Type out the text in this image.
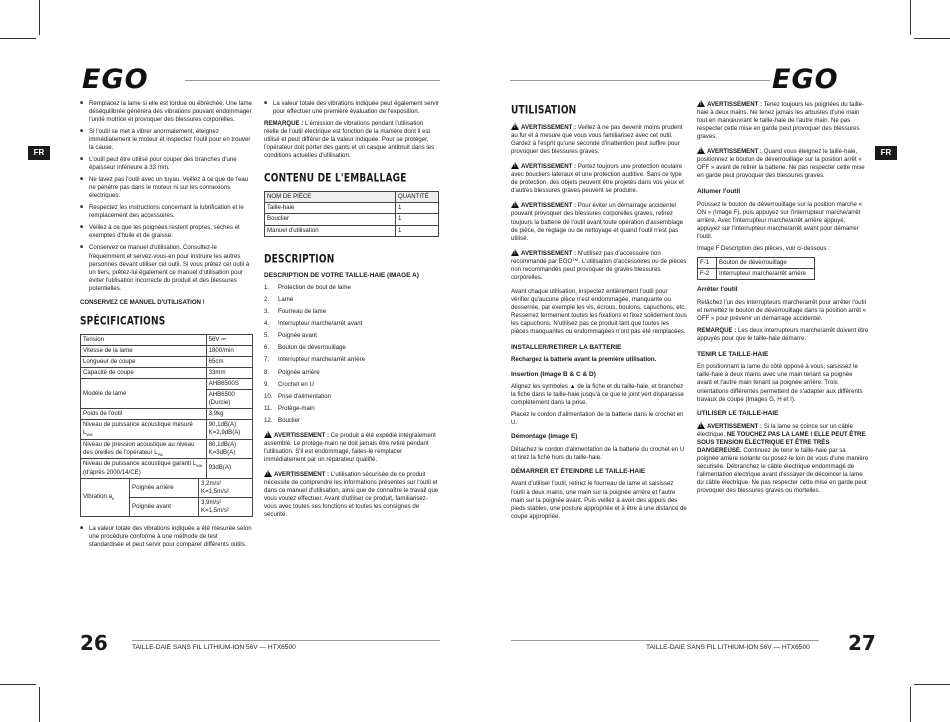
EGO	EGO
FR	FR
■ Remplacez la lame si elle est tordue ou ébréchée. Une lame déséquilibrée génèrera des vibrations pouvant endommager l'unité motrice et provoquer des blessures corporelles.
■ Si l'outil se met à vibrer anormalement, éteignez immédiatement le moteur et inspectez l'outil pour en trouver la cause.
■ L'outil peut être utilisé pour couper des branches d'une épaisseur inférieure à 33 mm.
■ Ne lavez pas l'outil avec un tuyau. Veillez à ce que de l'eau ne pénètre pas dans le moteur ni sur les connexions électriques.
■ Respectez les instructions concernant la lubrification et le remplacement des accessoires.
■ Veillez à ce que les poignées restent propres, sèches et exemptes d'huile et de graisse.
■ Conservez ce manuel d'utilisation. Consultez-le fréquemment et servez-vous-en pour instruire les autres personnes devant utiliser cet outil. Si vous prêtez cet outil à un tiers, prêtez-lui également ce manuel d'utilisation pour éviter l'utilisation incorrecte du produit et des blessures potentielles.

CONSERVEZ CE MANUEL D'UTILISATION !

SPÉCIFICATIONS
Tension	56V ⎓
Vitesse de la lame	1800/min
Longueur de coupe	65cm
Capacité de coupe	33mm
Modèle de lame	AHB6500S
	AHB6500 (Durcie)
Poids de l'outil	3,9kg
Niveau de puissance acoustique mesuré $L_{WA}$	90,1dB(A)
K=2,9dB(A)
Niveau de pression acoustique au niveau des oreilles de l'opérateur $L_{PA}$	80,1dB(A)
K=3dB(A)
Niveau de puissance acoustique garanti $L_{WA}$ (d'après 2000/14/CE)	93dB(A)
Vibration $a_h$	Poignée arrière	3,2m/s²
K=1,5m/s²
	Poignée avant	3,9m/s²
K=1,5m/s²
■ La valeur totale des vibrations indiquée a été mesurée selon une procédure conforme à une méthode de test standardisée et peut servir pour comparer différents outils.
■ La valeur totale des vibrations indiquée peut également servir pour effectuer une première évaluation de l'exposition.

REMARQUE : L'émission de vibrations pendant l'utilisation réelle de l'outil électrique est fonction de la manière dont il est utilisé et peut différer de la valeur indiquée. Pour se protéger, l'opérateur doit porter des gants et un casque antibruit dans les conditions actuelles d'utilisation.

CONTENU DE L'EMBALLAGE
NOM DE PIÈCE	QUANTITÉ
Taille-haie	1
Bouclier	1
Manuel d'utilisation	1
DESCRIPTION
DESCRIPTION DE VOTRE TAILLE-HAIE (IMAGE A)
1. Protection de bout de lame
2. Lame
3. Fourreau de lame
4. Interrupteur marche/arrêt avant
5. Poignée avant
6. Bouton de déverrouillage
7. Interrupteur marche/arrêt arrière
8. Poignée arrière
9. Crochet en U
10. Prise d'alimentation
11. Protège-main
12. Bouclier

!AVERTISSEMENT : Ce produit a été expédié intégralement assemblé. Le protège-main ne doit jamais être retiré pendant l'utilisation. S'il est endommagé, faites-le remplacer immédiatement par un réparateur qualifié.

!AVERTISSEMENT : L'utilisation sécurisée de ce produit nécessite de comprendre les informations présentes sur l'outil et dans ce manuel d'utilisation, ainsi que de connaître le travail que vous voulez effectuer. Avant d'utiliser ce produit, familiarisez-vous avec toutes ses fonctions et toutes les consignes de sécurité.

UTILISATION

!AVERTISSEMENT : Veillez à ne pas devenir moins prudent au fur et à mesure que vous vous familiarisez avec cet outil. Gardez à l'esprit qu'une seconde d'inattention peut suffire pour provoquer des blessures graves.

!AVERTISSEMENT : Portez toujours une protection oculaire avec boucliers latéraux et une protection auditive. Sans ce type de protection, des objets peuvent être projetés dans vos yeux et d'autres blessures graves peuvent se produire.

!AVERTISSEMENT : Pour éviter un démarrage accidentel pouvant provoquer des blessures corporelles graves, retirez toujours la batterie de l'outil avant toute opération d'assemblage de pièce, de réglage ou de nettoyage et quand l'outil n'est pas utilisé.

!AVERTISSEMENT : N'utilisez pas d'accessoire non recommandé par EGO™. L'utilisation d'accessoires ou de pièces non recommandés peut provoquer de graves blessures corporelles.

Avant chaque utilisation, inspectez entièrement l'outil pour vérifier qu'aucune pièce n'est endommagée, manquante ou desserrée, par exemple les vis, écrous, boulons, capuchons, etc. Resserrez fermement toutes les fixations et fixez solidement tous les capuchons. N'utilisez pas ce produit tant que toutes les pièces manquantes ou endommagées n'ont pas été remplacées.

INSTALLER/RETIRER LA BATTERIE

Rechargez la batterie avant la première utilisation.

Insertion (Image B & C & D)

Alignez les symboles ▲ de la fiche et du taille-haie, et branchez la fiche dans le taille-haie jusqu'à ce que le joint vert disparaisse complètement dans la prise.

Placez le cordon d'alimentation de la batterie dans le crochet en U.

Démontage (Image E)

Détachez le cordon d'alimentation de la batterie du crochet en U et tirez la fiche hors du taille-haie.

DÉMARRER ET ÉTEINDRE LE TAILLE-HAIE

Avant d'utiliser l'outil, retirez le fourreau de lame et saisissez l'outil à deux mains, une main sur la poignée arrière et l'autre main sur la poignée avant. Puis veillez à avoir des appuis des pieds stables, une posture appropriée et à être à une distance de coupe appropriée.

!AVERTISSEMENT : Tenez toujours les poignées du taille-haie à deux mains. Ne tenez jamais les arbustes d'une main tout en manœuvrant le taille-haie de l'autre main. Ne pas respecter cette mise en garde peut provoquer des blessures graves.

!AVERTISSEMENT : Quand vous éteignez le taille-haie, positionnez le bouton de déverrouillage sur la position arrêt « OFF » avant de retirer la batterie. Ne pas respecter cette mise en garde peut provoquer des blessures graves.

Allumer l'outil

Poussez le bouton de déverrouillage sur la position marche « ON » (Image F), puis appuyez sur l'interrupteur marche/arrêt arrière. Avec l'interrupteur marche/arrêt arrière appuyé, appuyez sur l'interrupteur marche/arrêt avant pour démarrer l'outil.

Image F Description des pièces, voir ci-dessous :

F-1	Bouton de déverrouillage
F-2	Interrupteur marche/arrêt arrière
Arrêter l'outil

Relâchez l'un des interrupteurs marche/arrêt pour arrêter l'outil et remettez le bouton de déverrouillage dans la position arrêt « OFF » pour prévenir un démarrage accidentel.

REMARQUE : Les deux interrupteurs marche/arrêt doivent être appuyés pour que le taille-haie démarre.

TENIR LE TAILLE-HAIE

En positionnant la lame du côté opposé à vous, saisissez le taille-haie à deux mains avec une main tenant sa poignée avant et l'autre main tenant sa poignée arrière. Trois orientations différentes permettent de s'adapter aux différents travaux de coupe (Images G, H et I).

UTILISER LE TAILLE-HAIE

!AVERTISSEMENT : Si la lame se coince sur un câble électrique, NE TOUCHEZ PAS LA LAME ! ELLE PEUT ÊTRE SOUS TENSION ÉLECTRIQUE ET ÊTRE TRÈS DANGEREUSE. Continuez de tenir le taille-haie par sa poignée arrière isolante ou posez-le loin de vous d'une manière sécurisée. Débranchez le câble électrique endommagé de l'alimentation électrique avant d'essayer de décoincer la lame du câble électrique. Ne pas respecter cette mise en garde peut provoquer des blessures graves ou mortelles.

26	TAILLE-DAIE SANS FIL LITHIUM-ION 56V — HTX6500	TAILLE-DAIE SANS FIL LITHIUM-ION 56V — HTX6500 27
